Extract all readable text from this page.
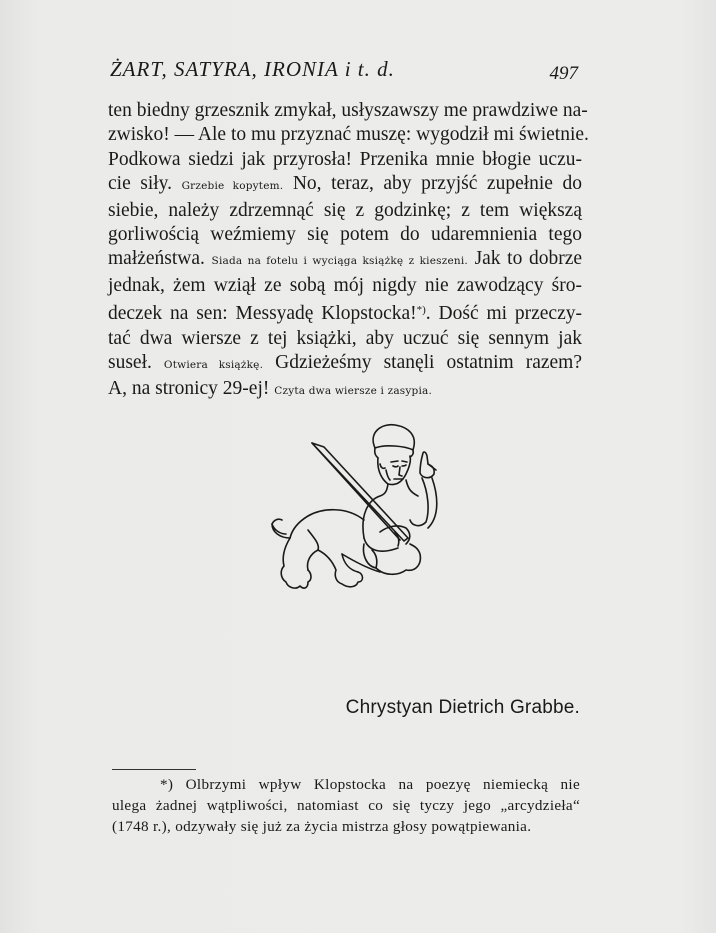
ŻART, SATYRA, IRONIA i t. d.	497
ten biedny grzesznik zmykał, usłyszawszy me prawdziwe na-
zwisko! — Ale to mu przyznać muszę: wygodził mi świetnie.
Podkowa siedzi jak przyrosła! Przenika mnie błogie uczu-
cie siły. Grzebie kopytem. No, teraz, aby przyjść zupełnie do
siebie, należy zdrzemnąć się z godzinkę; z tem większą
gorliwością weźmiemy się potem do udaremnienia tego
małżeństwa. Siada na fotelu i wyciąga książkę z kieszeni. Jak to dobrze
jednak, żem wziął ze sobą mój nigdy nie zawodzący śro-
deczek na sen: Messyadę Klopstocka!*). Dość mi przeczy-
tać dwa wiersze z tej książki, aby uczuć się sennym jak
suseł. Otwiera książkę. Gdzieżeśmy stanęli ostatnim razem?
A, na stronicy 29-ej! Czyta dwa wiersze i zasypia.
Chrystyan Dietrich Grabbe.
*) Olbrzymi wpływ Klopstocka na poezyę niemiecką nie
ulega żadnej wątpliwości, natomiast co się tyczy jego „arcydzieła“
(1748 r.), odzywały się już za życia mistrza głosy powątpiewania.
